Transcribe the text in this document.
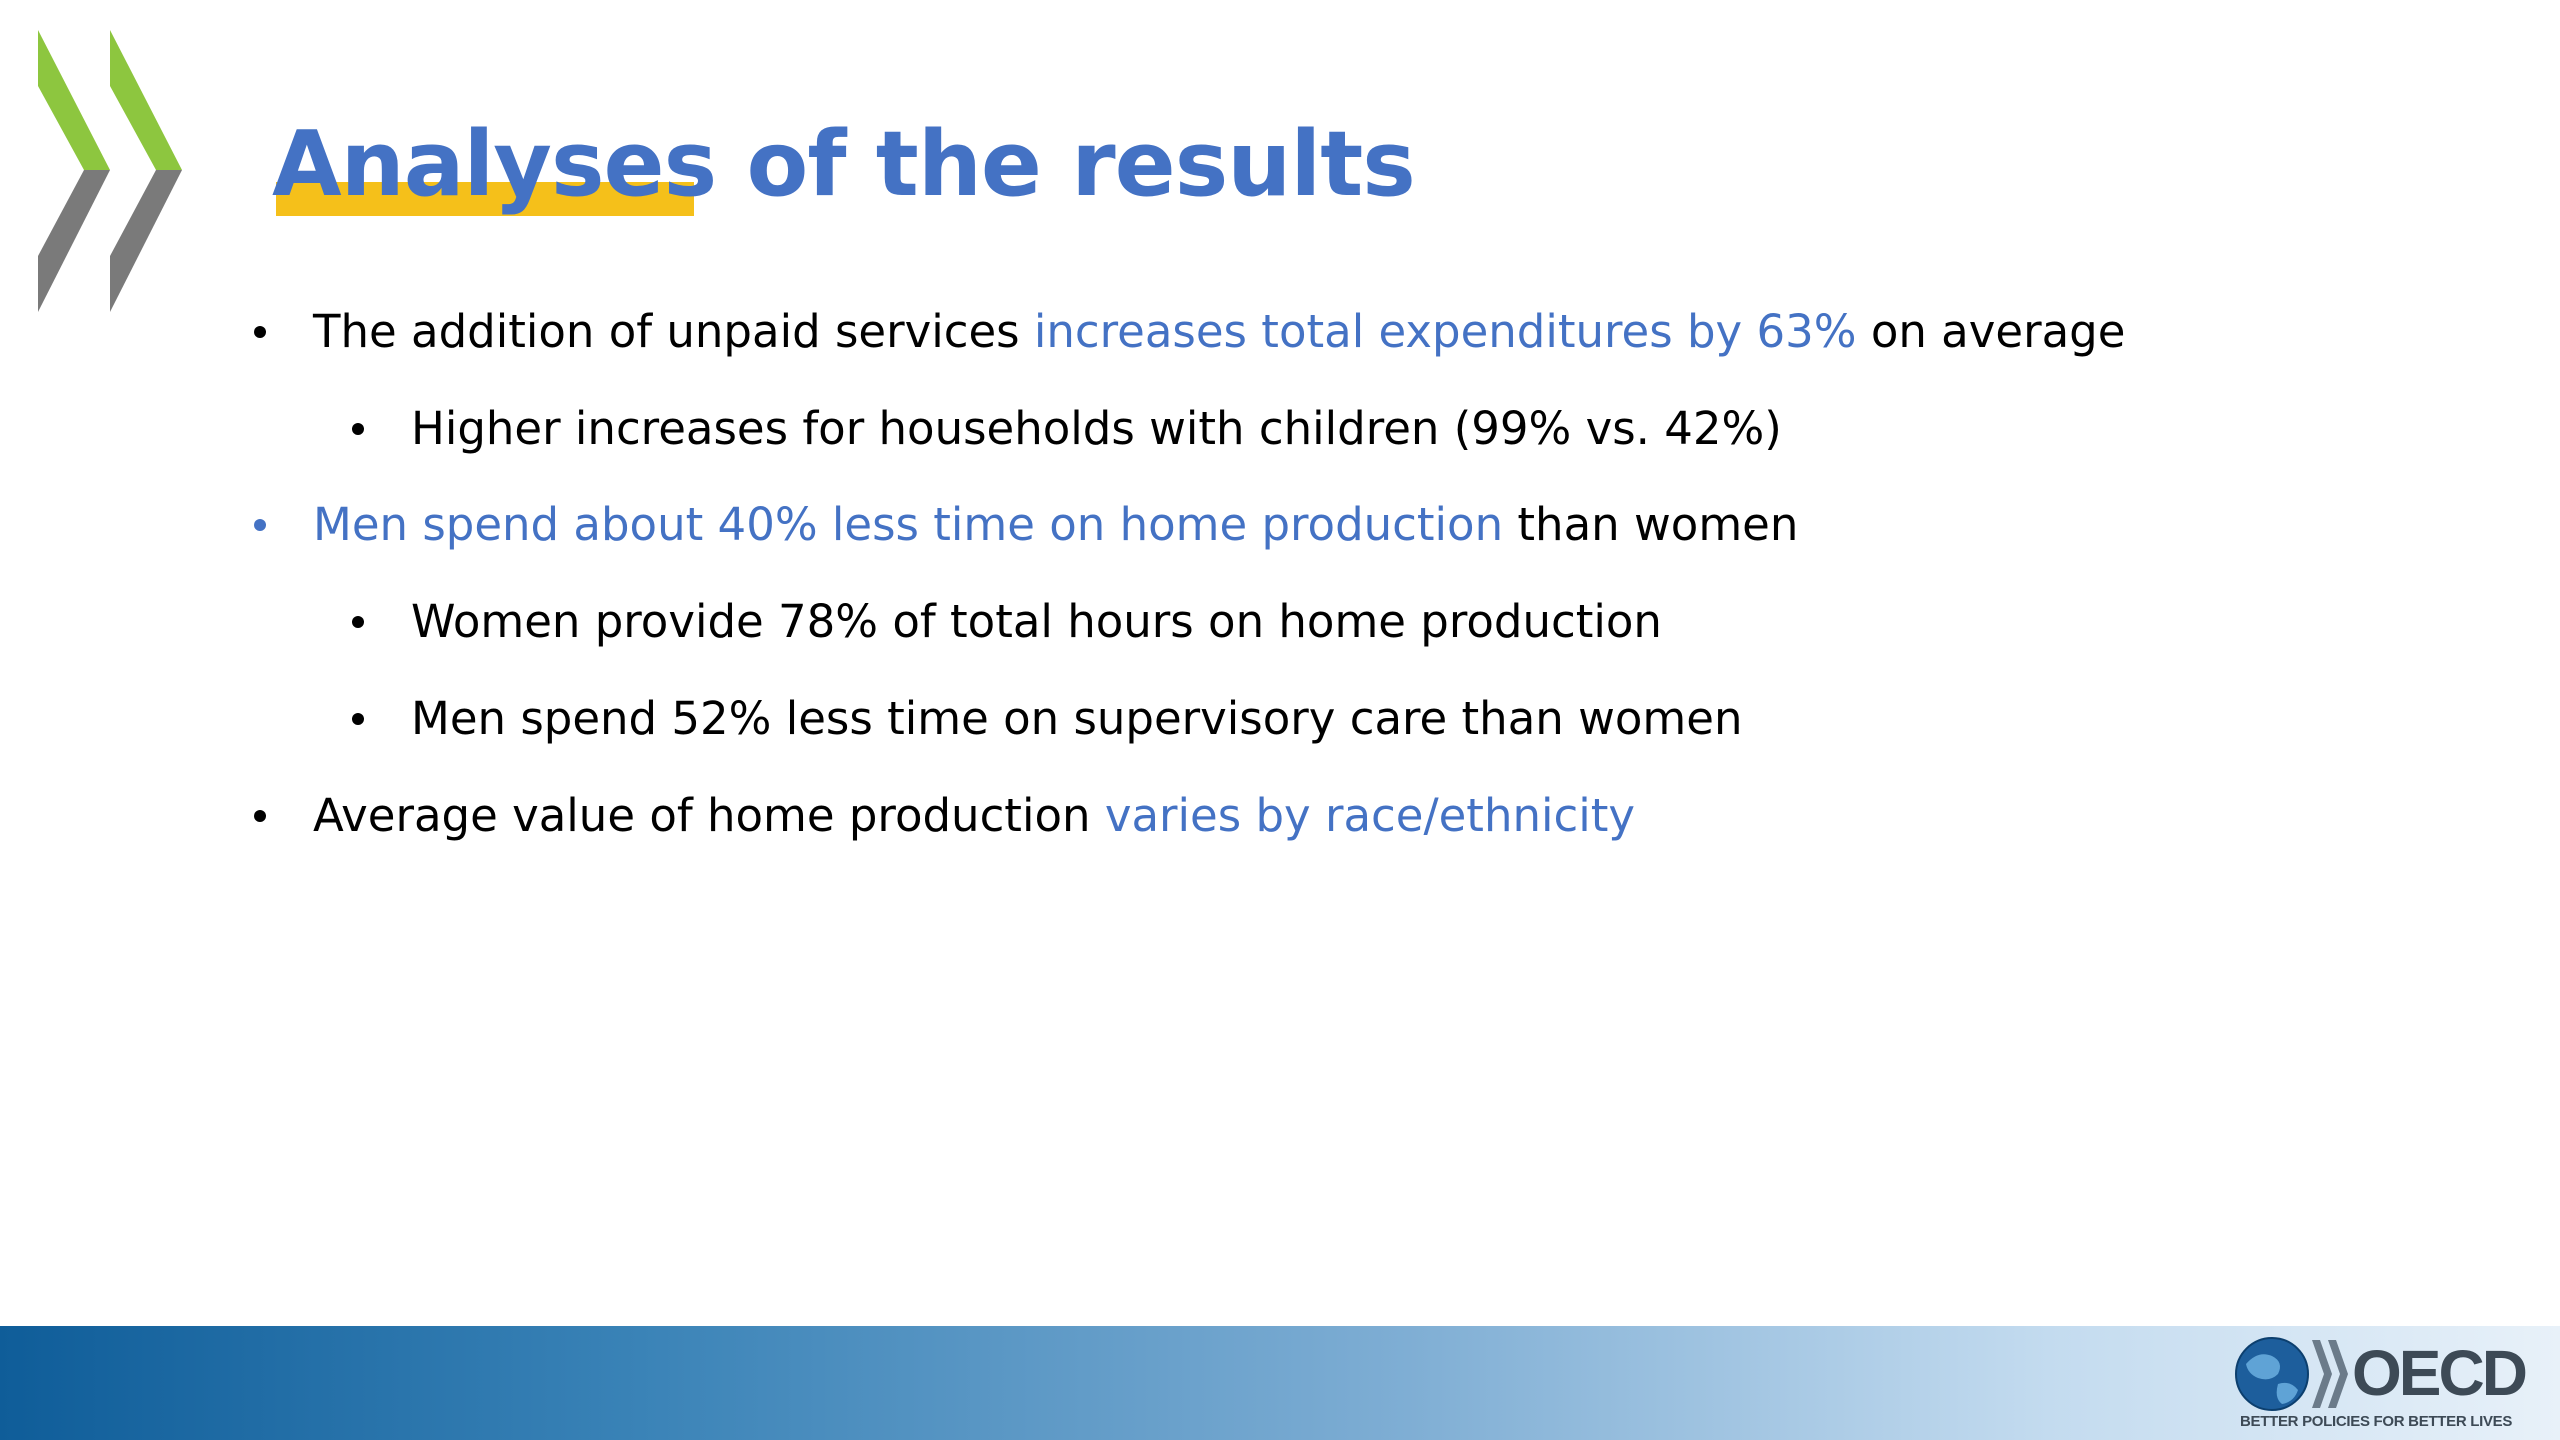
Analyses of the results
The addition of unpaid services increases total expenditures by 63% on average
Higher increases for households with children (99% vs. 42%)
Men spend about 40% less time on home production than women
Women provide 78% of total hours on home production
Men spend 52% less time on supervisory care than women
Average value of home production varies by race/ethnicity
OECD
BETTER POLICIES FOR BETTER LIVES
